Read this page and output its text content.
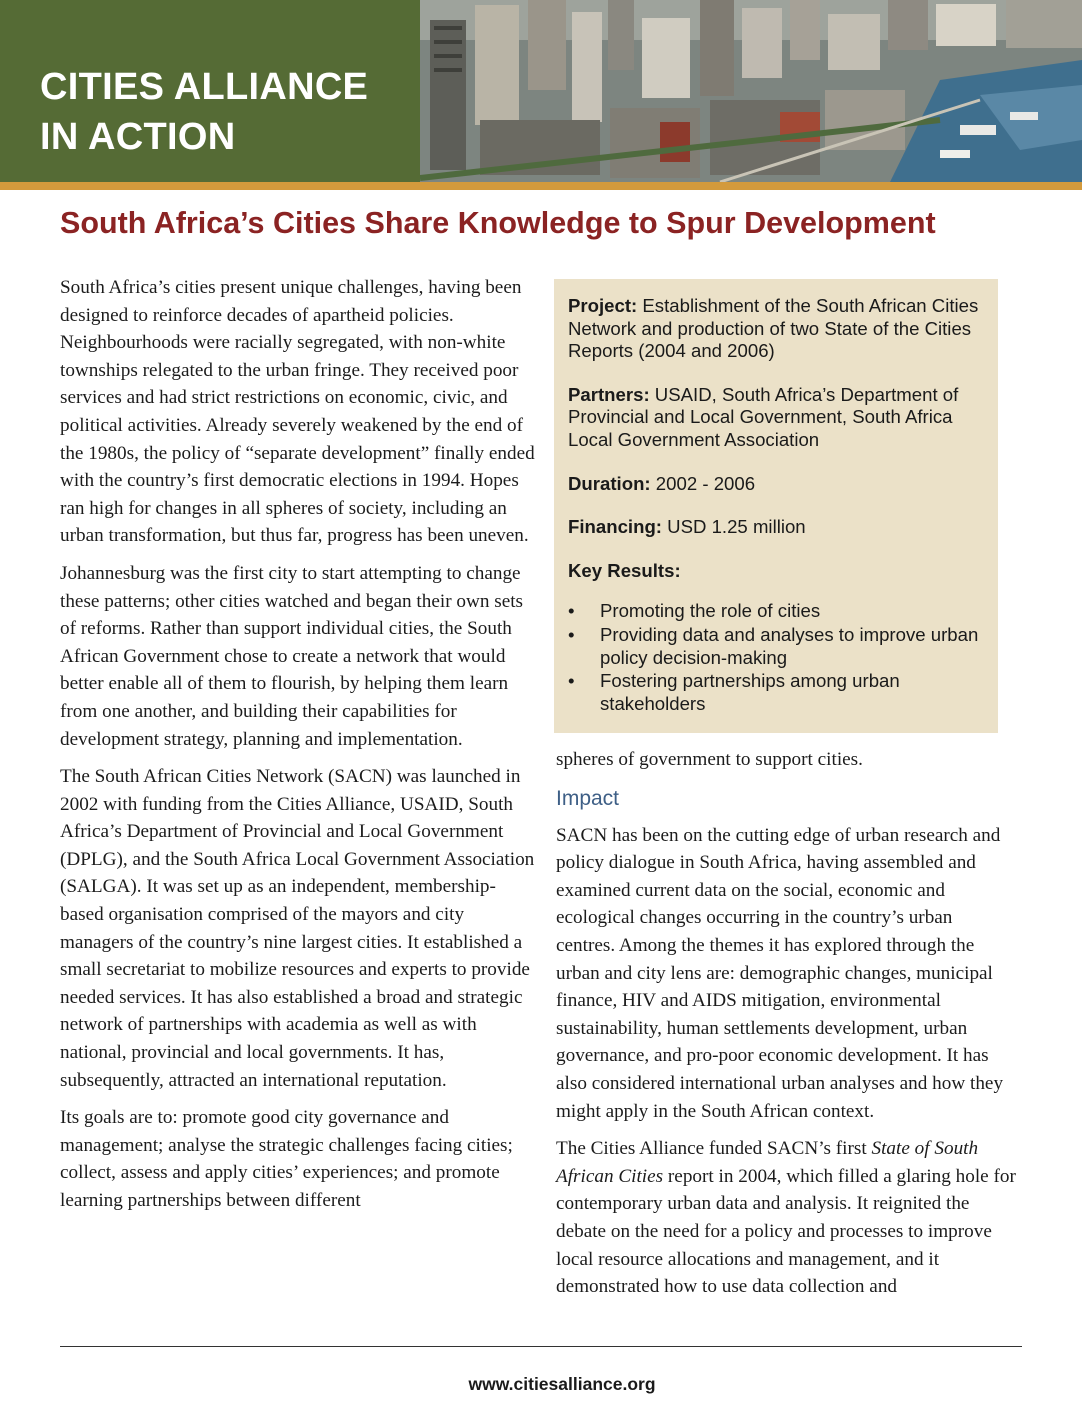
CITIES ALLIANCE
IN ACTION
South Africa’s Cities Share Knowledge to Spur Development

South Africa’s cities present unique challenges, having been designed to reinforce decades of apartheid policies. Neighbourhoods were racially segregated, with non-white townships relegated to the urban fringe. They received poor services and had strict restrictions on economic, civic, and political activities. Already severely weakened by the end of the 1980s, the policy of “separate development” finally ended with the country’s first democratic elections in 1994. Hopes ran high for changes in all spheres of society, including an urban transformation, but thus far, progress has been uneven.

Johannesburg was the first city to start attempting to change these patterns; other cities watched and began their own sets of reforms. Rather than support individual cities, the South African Government chose to create a network that would better enable all of them to flourish, by helping them learn from one another, and building their capabilities for development strategy, planning and implementation.

The South African Cities Network (SACN) was launched in 2002 with funding from the Cities Alliance, USAID, South Africa’s Department of Provincial and Local Government (DPLG), and the South Africa Local Government Association (SALGA). It was set up as an independent, membership-based organisation comprised of the mayors and city managers of the country’s nine largest cities. It established a small secretariat to mobilize resources and experts to provide needed services. It has also established a broad and strategic network of partnerships with academia as well as with national, provincial and local governments. It has, subsequently, attracted an international reputation.

Its goals are to: promote good city governance and management; analyse the strategic challenges facing cities; collect, assess and apply cities’ experiences; and promote learning partnerships between different

Project: Establishment of the South African Cities Network and production of two State of the Cities Reports (2004 and 2006)

Partners: USAID, South Africa’s Department of Provincial and Local Government, South Africa Local Government Association

Duration: 2002 - 2006

Financing: USD 1.25 million

Key Results:

• Promoting the role of cities
• Providing data and analyses to improve urban policy decision-making
• Fostering partnerships among urban stakeholders

spheres of government to support cities.

Impact

SACN has been on the cutting edge of urban research and policy dialogue in South Africa, having assembled and examined current data on the social, economic and ecological changes occurring in the country’s urban centres. Among the themes it has explored through the urban and city lens are: demographic changes, municipal finance, HIV and AIDS mitigation, environmental sustainability, human settlements development, urban governance, and pro-poor economic development. It has also considered international urban analyses and how they might apply in the South African context.

The Cities Alliance funded SACN’s first State of South African Cities report in 2004, which filled a glaring hole for contemporary urban data and analysis. It reignited the debate on the need for a policy and processes to improve local resource allocations and management, and it demonstrated how to use data collection and

www.citiesalliance.org
